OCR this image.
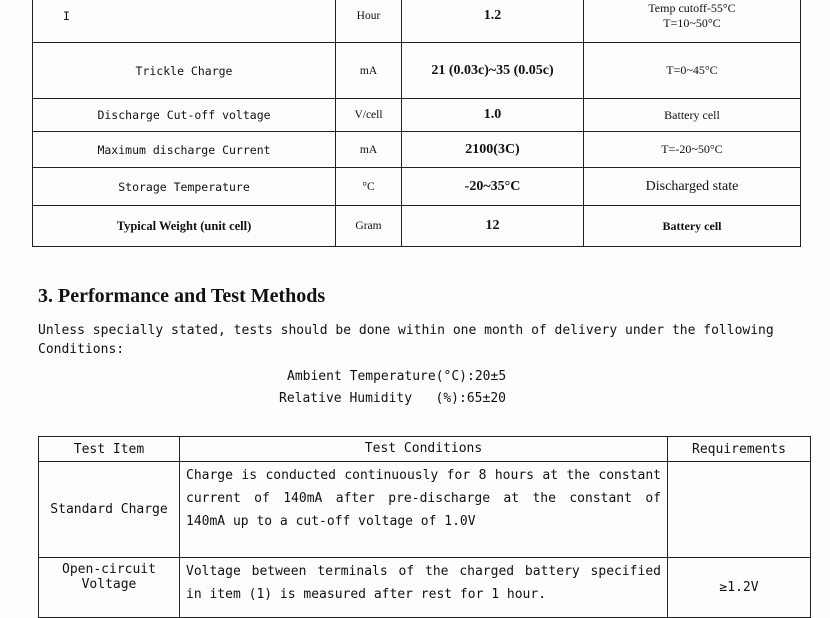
I	Hour	1.2	Temp cutoff-55°C
T=10~50°C

Trickle Charge	mA	21 (0.03c)~35 (0.05c)	T=0~45°C
Discharge Cut-off voltage	V/cell	1.0	Battery cell
Maximum discharge Current	mA	2100(3C)	T=-20~50°C
Storage Temperature	°C	-20~35°C	Discharged state
Typical Weight (unit cell)	Gram	12	Battery cell
3. Performance and Test Methods
Unless specially stated, tests should be done within one month of delivery under the following Conditions:
Ambient Temperature(°C):20±5
Relative Humidity   (%):65±20
Test Item	Test Conditions	Requirements
Standard Charge	Charge is conducted continuously for 8 hours at the constant current of 140mA after pre-discharge at the constant of 140mA up to a cut-off voltage of 1.0V	
Open-circuit Voltage	Voltage between terminals of the charged battery specified in item (1) is measured after rest for 1 hour.	≥1.2V
